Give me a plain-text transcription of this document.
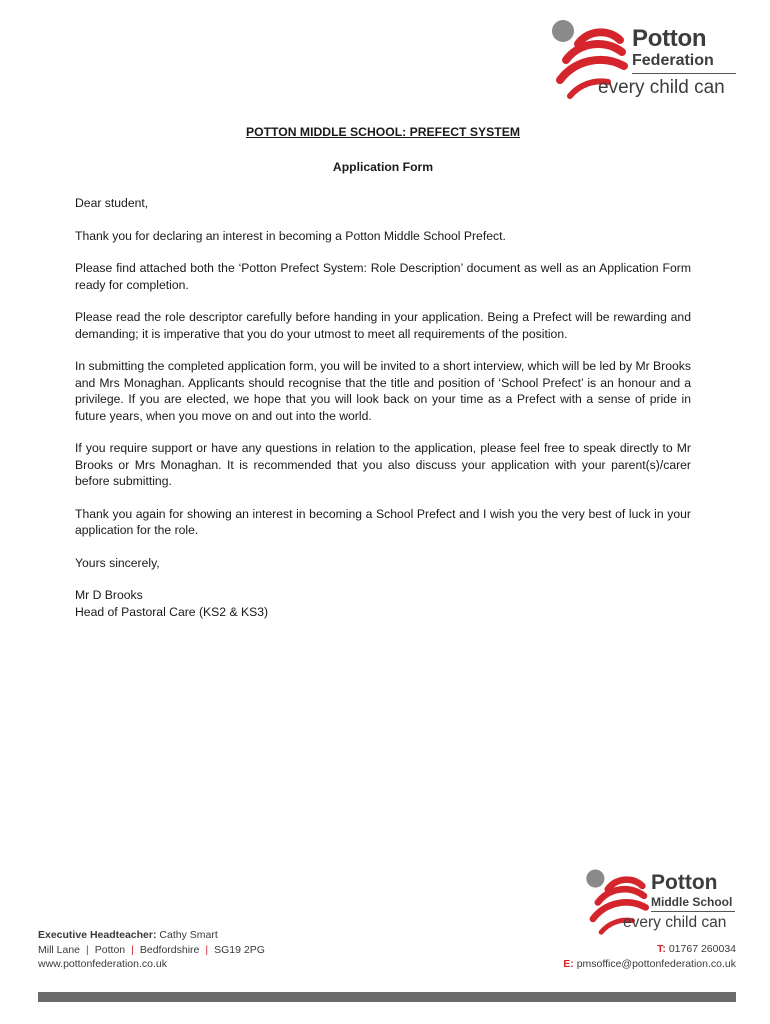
Potton
Federation
every child can
POTTON MIDDLE SCHOOL: PREFECT SYSTEM
Application Form

Dear student,

Thank you for declaring an interest in becoming a Potton Middle School Prefect.

Please find attached both the ‘Potton Prefect System: Role Description’ document as well as an Application Form ready for completion.

Please read the role descriptor carefully before handing in your application. Being a Prefect will be rewarding and demanding; it is imperative that you do your utmost to meet all requirements of the position.

In submitting the completed application form, you will be invited to a short interview, which will be led by Mr Brooks and Mrs Monaghan. Applicants should recognise that the title and position of ‘School Prefect’ is an honour and a privilege. If you are elected, we hope that you will look back on your time as a Prefect with a sense of pride in future years, when you move on and out into the world.

If you require support or have any questions in relation to the application, please feel free to speak directly to Mr Brooks or Mrs Monaghan. It is recommended that you also discuss your application with your parent(s)/carer before submitting.

Thank you again for showing an interest in becoming a School Prefect and I wish you the very best of luck in your application for the role.

Yours sincerely,

Mr D Brooks

Head of Pastoral Care (KS2 & KS3)

Potton
Middle School
every child can
Executive Headteacher: Cathy Smart
Mill Lane | Potton | Bedfordshire | SG19 2PG
www.pottonfederation.co.uk
T: 01767 260034
E: pmsoffice@pottonfederation.co.uk
